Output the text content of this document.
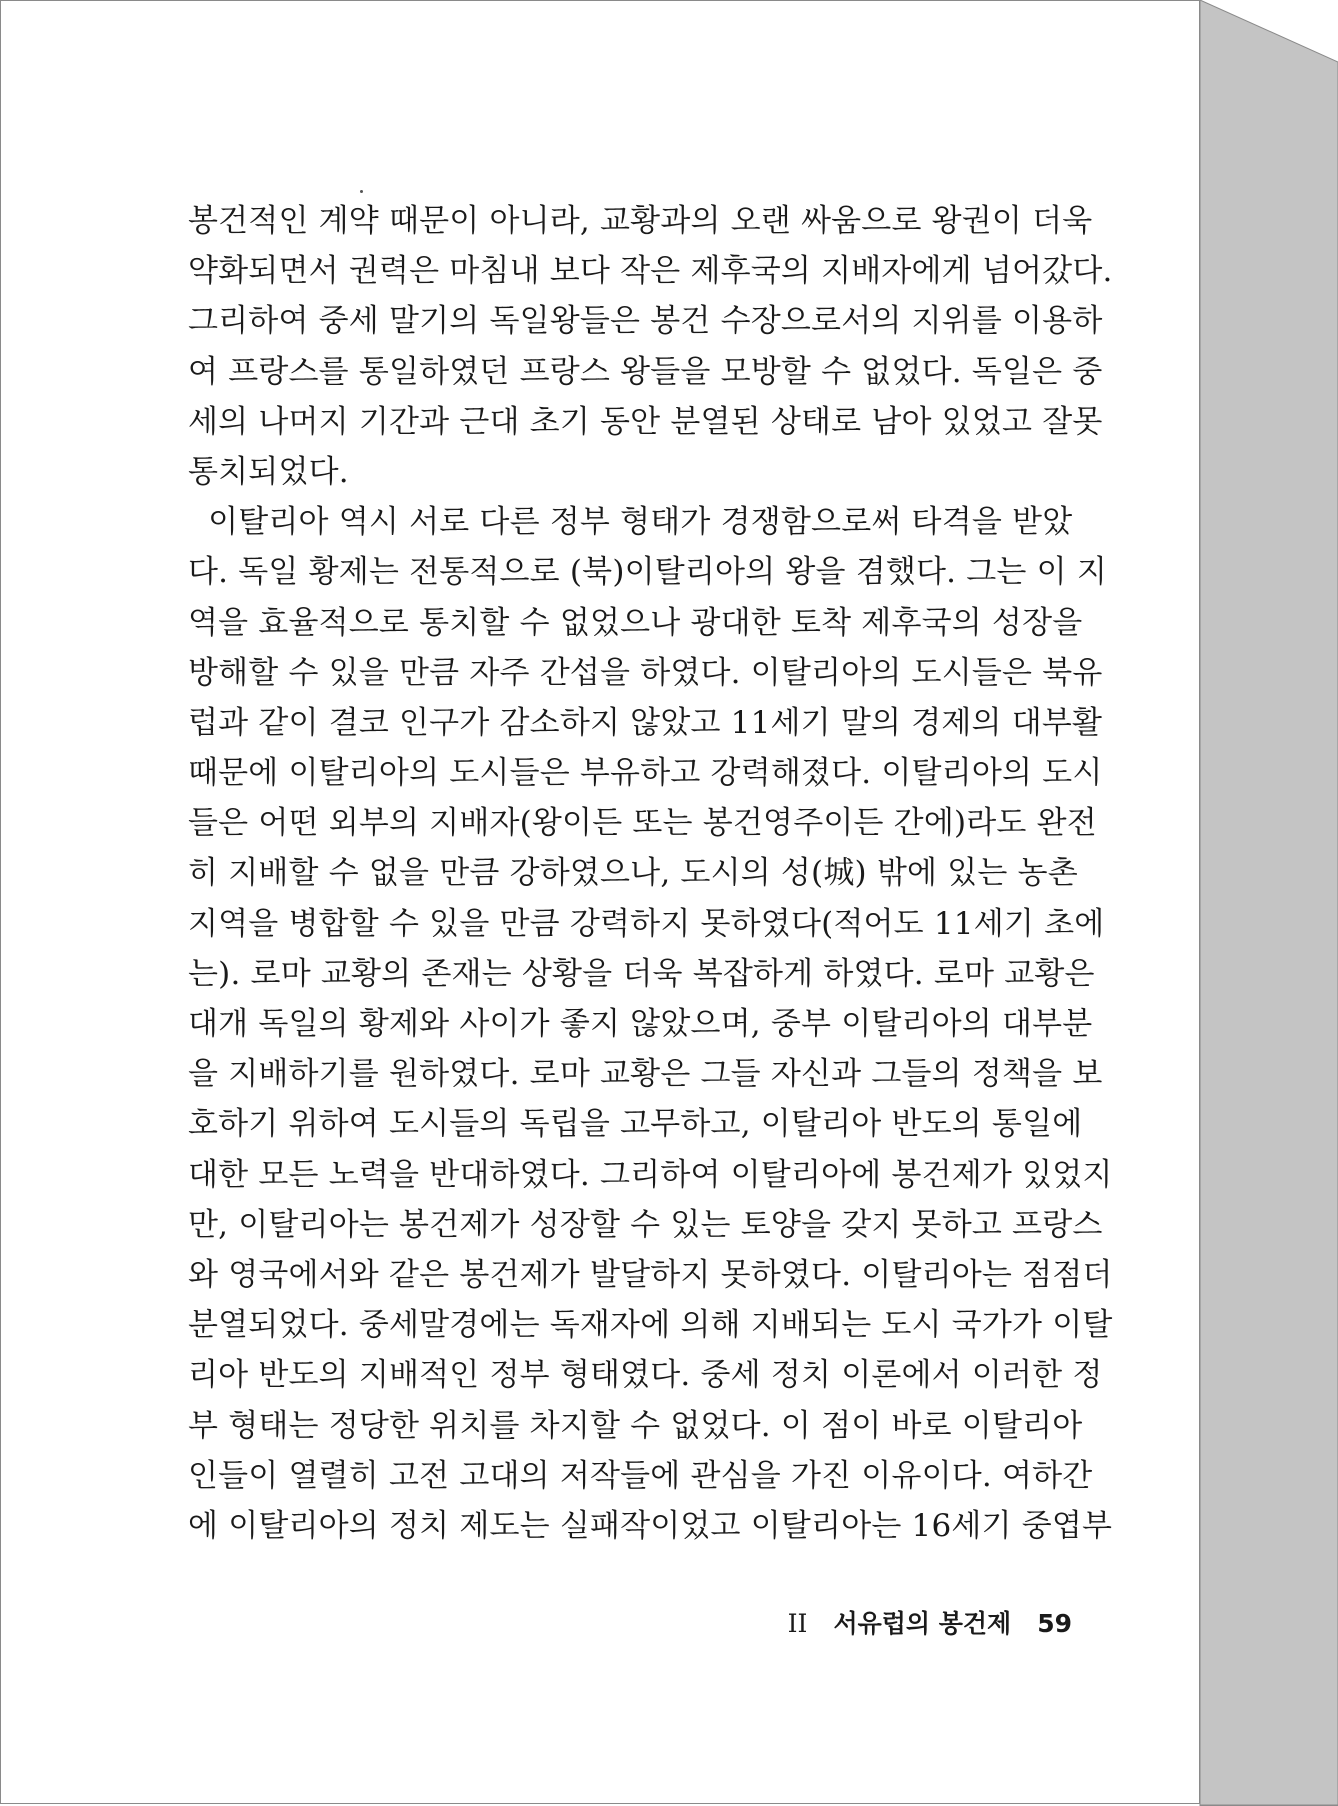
봉건적인 계약 때문이 아니라, 교황과의 오랜 싸움으로 왕권이 더욱
약화되면서 권력은 마침내 보다 작은 제후국의 지배자에게 넘어갔다.
그리하여 중세 말기의 독일왕들은 봉건 수장으로서의 지위를 이용하
여 프랑스를 통일하였던 프랑스 왕들을 모방할 수 없었다. 독일은 중
세의 나머지 기간과 근대 초기 동안 분열된 상태로 남아 있었고 잘못
통치되었다.
이탈리아 역시 서로 다른 정부 형태가 경쟁함으로써 타격을 받았
다. 독일 황제는 전통적으로 (북)이탈리아의 왕을 겸했다. 그는 이 지
역을 효율적으로 통치할 수 없었으나 광대한 토착 제후국의 성장을
방해할 수 있을 만큼 자주 간섭을 하였다. 이탈리아의 도시들은 북유
럽과 같이 결코 인구가 감소하지 않았고 11세기 말의 경제의 대부활
때문에 이탈리아의 도시들은 부유하고 강력해졌다. 이탈리아의 도시
들은 어떤 외부의 지배자(왕이든 또는 봉건영주이든 간에)라도 완전
히 지배할 수 없을 만큼 강하였으나, 도시의 성(城) 밖에 있는 농촌
지역을 병합할 수 있을 만큼 강력하지 못하였다(적어도 11세기 초에
는). 로마 교황의 존재는 상황을 더욱 복잡하게 하였다. 로마 교황은
대개 독일의 황제와 사이가 좋지 않았으며, 중부 이탈리아의 대부분
을 지배하기를 원하였다. 로마 교황은 그들 자신과 그들의 정책을 보
호하기 위하여 도시들의 독립을 고무하고, 이탈리아 반도의 통일에
대한 모든 노력을 반대하였다. 그리하여 이탈리아에 봉건제가 있었지
만, 이탈리아는 봉건제가 성장할 수 있는 토양을 갖지 못하고 프랑스
와 영국에서와 같은 봉건제가 발달하지 못하였다. 이탈리아는 점점더
분열되었다. 중세말경에는 독재자에 의해 지배되는 도시 국가가 이탈
리아 반도의 지배적인 정부 형태였다. 중세 정치 이론에서 이러한 정
부 형태는 정당한 위치를 차지할 수 없었다. 이 점이 바로 이탈리아
인들이 열렬히 고전 고대의 저작들에 관심을 가진 이유이다. 여하간
에 이탈리아의 정치 제도는 실패작이었고 이탈리아는 16세기 중엽부
II 서유럽의 봉건제 59
